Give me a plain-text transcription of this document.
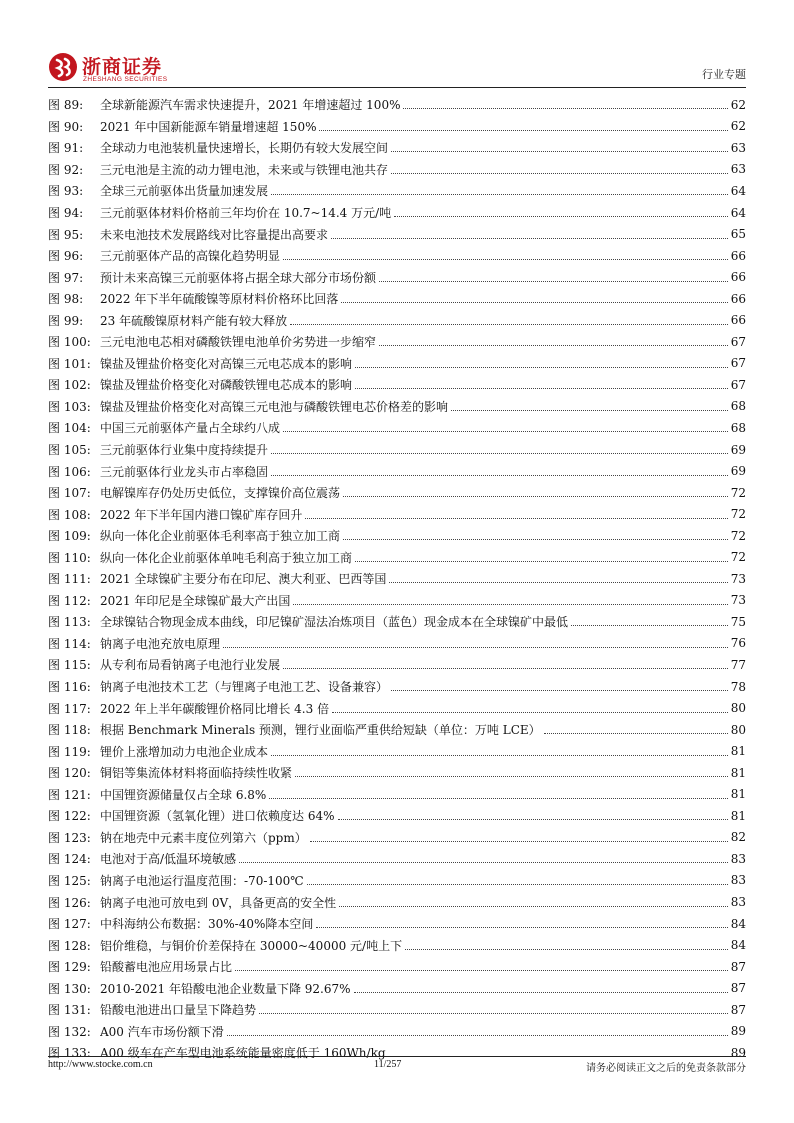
浙商证券
ZHESHANG SECURITIES	行业专题
图 89:	全球新能源汽车需求快速提升，2021 年增速超过 100%	62
图 90:	2021 年中国新能源车销量增速超 150%	62
图 91:	全球动力电池装机量快速增长，长期仍有较大发展空间	63
图 92:	三元电池是主流的动力锂电池，未来或与铁锂电池共存	63
图 93:	全球三元前驱体出货量加速发展	64
图 94:	三元前驱体材料价格前三年均价在 10.7~14.4 万元/吨	64
图 95:	未来电池技术发展路线对比容量提出高要求	65
图 96:	三元前驱体产品的高镍化趋势明显	66
图 97:	预计未来高镍三元前驱体将占据全球大部分市场份额	66
图 98:	2022 年下半年硫酸镍等原材料价格环比回落	66
图 99:	23 年硫酸镍原材料产能有较大释放	66
图 100: 三元电池电芯相对磷酸铁锂电池单价劣势进一步缩窄	67
图 101: 镍盐及锂盐价格变化对高镍三元电芯成本的影响	67
图 102: 镍盐及锂盐价格变化对磷酸铁锂电芯成本的影响	67
图 103: 镍盐及锂盐价格变化对高镍三元电池与磷酸铁锂电芯价格差的影响	68
图 104: 中国三元前驱体产量占全球约八成	68
图 105: 三元前驱体行业集中度持续提升	69
图 106: 三元前驱体行业龙头市占率稳固	69
图 107: 电解镍库存仍处历史低位，支撑镍价高位震荡	72
图 108: 2022 年下半年国内港口镍矿库存回升	72
图 109: 纵向一体化企业前驱体毛利率高于独立加工商	72
图 110: 纵向一体化企业前驱体单吨毛利高于独立加工商	72
图 111: 2021 全球镍矿主要分布在印尼、澳大利亚、巴西等国	73
图 112: 2021 年印尼是全球镍矿最大产出国	73
图 113: 全球镍钴合物现金成本曲线，印尼镍矿湿法冶炼项目（蓝色）现金成本在全球镍矿中最低	75
图 114: 钠离子电池充放电原理	76
图 115: 从专利布局看钠离子电池行业发展	77
图 116: 钠离子电池技术工艺（与锂离子电池工艺、设备兼容）	78
图 117: 2022 年上半年碳酸锂价格同比增长 4.3 倍	80
图 118: 根据 Benchmark Minerals 预测，锂行业面临严重供给短缺（单位：万吨 LCE）	80
图 119: 锂价上涨增加动力电池企业成本	81
图 120: 铜铝等集流体材料将面临持续性收紧	81
图 121: 中国锂资源储量仅占全球 6.8%	81
图 122: 中国锂资源（氢氧化锂）进口依赖度达 64%	81
图 123: 钠在地壳中元素丰度位列第六（ppm）	82
图 124: 电池对于高/低温环境敏感	83
图 125: 钠离子电池运行温度范围：-70-100℃	83
图 126: 钠离子电池可放电到 0V，具备更高的安全性	83
图 127: 中科海纳公布数据：30%-40%降本空间	84
图 128: 铝价维稳，与铜价价差保持在 30000~40000 元/吨上下	84
图 129: 铅酸蓄电池应用场景占比	87
图 130: 2010-2021 年铅酸电池企业数量下降 92.67%	87
图 131: 铅酸电池进出口量呈下降趋势	87
图 132: A00 汽车市场份额下滑	89
图 133: A00 级车在产车型电池系统能量密度低于 160Wh/kg	89
http://www.stocke.com.cn	11/257	请务必阅读正文之后的免责条款部分
